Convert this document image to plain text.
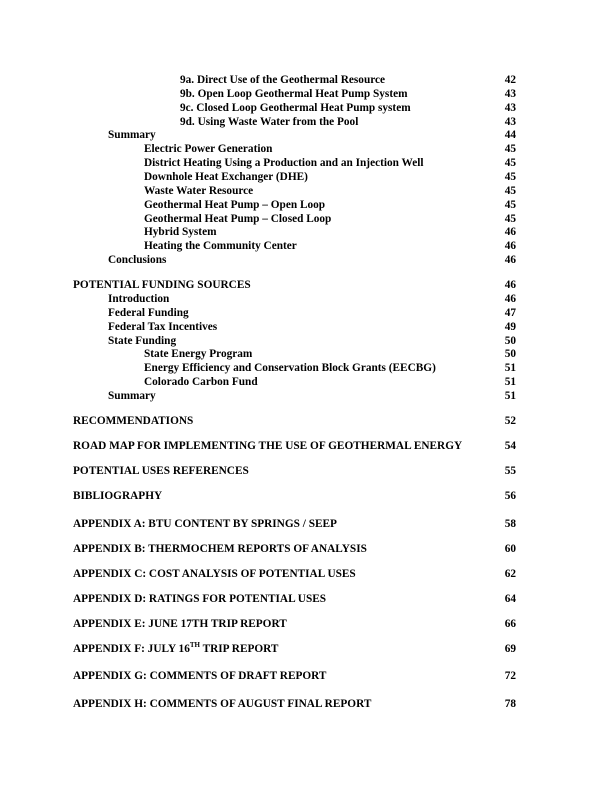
9a. Direct Use of the Geothermal Resource	42
9b. Open Loop Geothermal Heat Pump System	43
9c. Closed Loop Geothermal Heat Pump system	43
9d. Using Waste Water from the Pool	43
Summary	44
Electric Power Generation	45
District Heating Using a Production and an Injection Well	45
Downhole Heat Exchanger (DHE)	45
Waste Water Resource	45
Geothermal Heat Pump – Open Loop	45
Geothermal Heat Pump – Closed Loop	45
Hybrid System	46
Heating the Community Center	46
Conclusions	46
POTENTIAL FUNDING SOURCES	46
Introduction	46
Federal Funding	47
Federal Tax Incentives	49
State Funding	50
State Energy Program	50
Energy Efficiency and Conservation Block Grants (EECBG)	51
Colorado Carbon Fund	51
Summary	51
RECOMMENDATIONS	52
ROAD MAP FOR IMPLEMENTING THE USE OF GEOTHERMAL ENERGY	54
POTENTIAL USES REFERENCES	55
BIBLIOGRAPHY	56
APPENDIX A: BTU CONTENT BY SPRINGS / SEEP	58
APPENDIX B: THERMOCHEM REPORTS OF ANALYSIS	60
APPENDIX C: COST ANALYSIS OF POTENTIAL USES	62
APPENDIX D: RATINGS FOR POTENTIAL USES	64
APPENDIX E: JUNE 17TH TRIP REPORT	66
APPENDIX F: JULY 16TH TRIP REPORT	69
APPENDIX G: COMMENTS OF DRAFT REPORT	72
APPENDIX H: COMMENTS OF AUGUST FINAL REPORT	78
